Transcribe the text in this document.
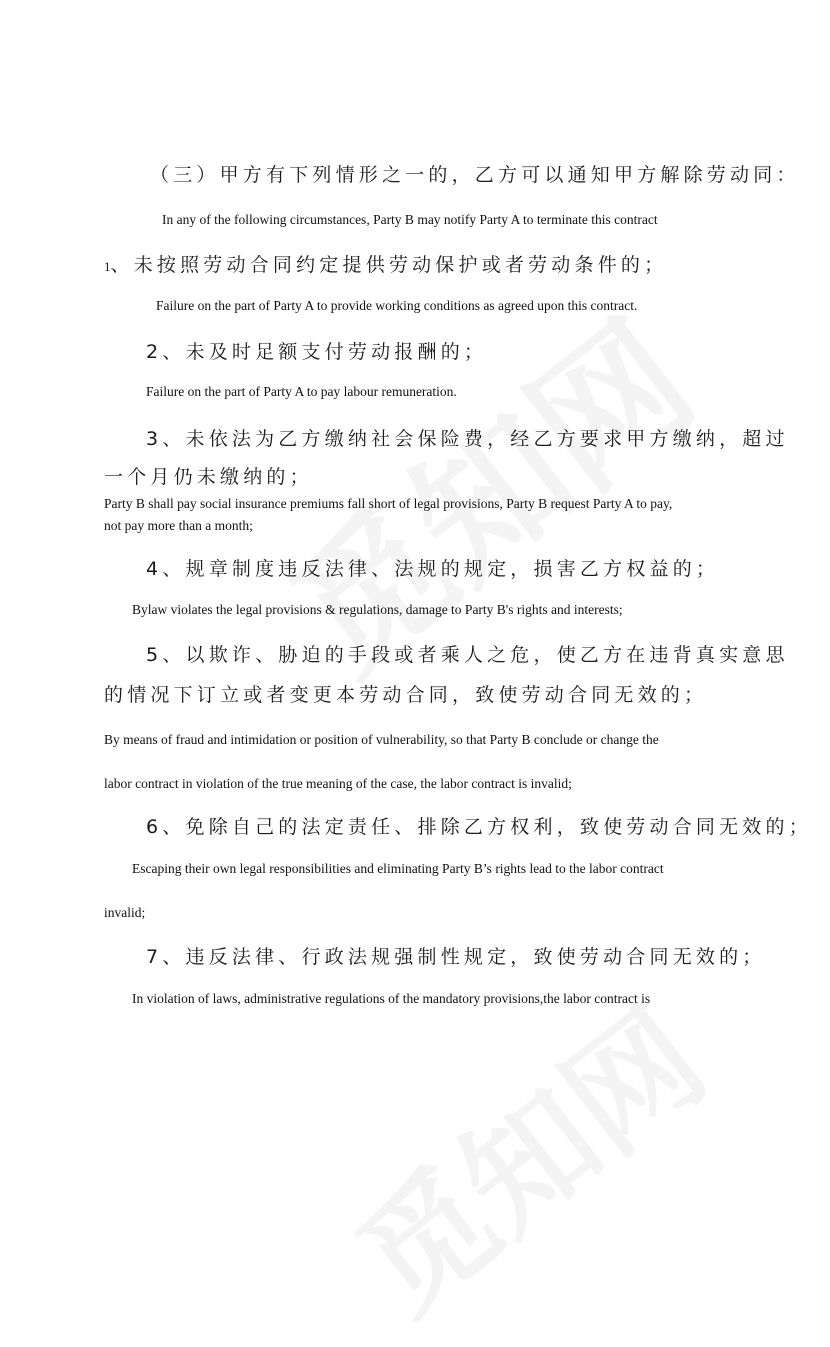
（三）甲方有下列情形之一的，乙方可以通知甲方解除劳动同：

In any of the following circumstances, Party B may notify Party A to terminate this contract

1、未按照劳动合同约定提供劳动保护或者劳动条件的；

Failure on the part of Party A to provide working conditions as agreed upon this contract.

2、未及时足额支付劳动报酬的；

Failure on the part of Party A to pay labour remuneration.

3、未依法为乙方缴纳社会保险费，经乙方要求甲方缴纳，超过

一个月仍未缴纳的；

Party B shall pay social insurance premiums fall short of legal provisions, Party B request Party A to pay,

not pay more than a month;

4、规章制度违反法律、法规的规定，损害乙方权益的；

Bylaw violates the legal provisions & regulations, damage to Party B's rights and interests;

5、以欺诈、胁迫的手段或者乘人之危，使乙方在违背真实意思

的情况下订立或者变更本劳动合同，致使劳动合同无效的；

By means of fraud and intimidation or position of vulnerability, so that Party B conclude or change the

labor contract in violation of the true meaning of the case, the labor contract is invalid;

6、免除自己的法定责任、排除乙方权利，致使劳动合同无效的；

Escaping their own legal responsibilities and eliminating Party B’s rights lead to the labor contract

invalid;

7、违反法律、行政法规强制性规定，致使劳动合同无效的；

In violation of laws, administrative regulations of the mandatory provisions,the labor contract is
